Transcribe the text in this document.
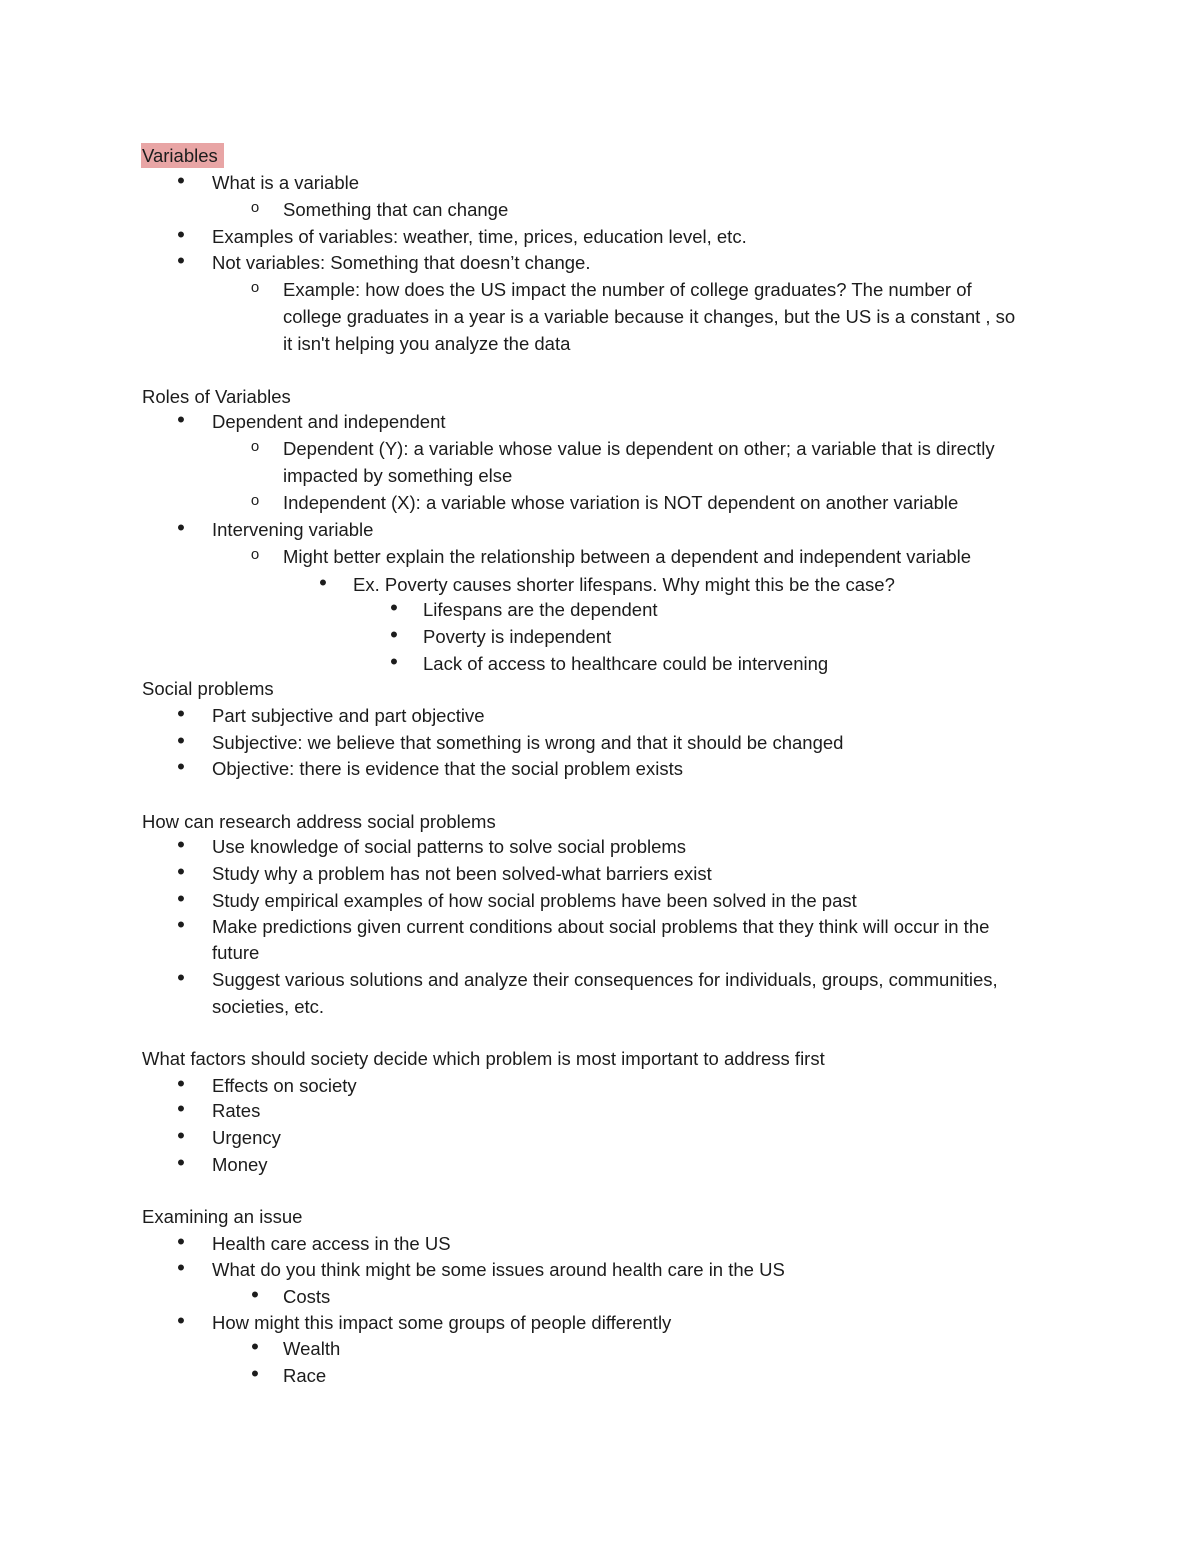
Variables
•
What is a variable
o
Something that can change
•
Examples of variables: weather, time, prices, education level, etc.
•
Not variables: Something that doesn’t change.
o
Example: how does the US impact the number of college graduates? The number of
college graduates in a year is a variable because it changes, but the US is a constant , so
it isn't helping you analyze the data
Roles of Variables
•
Dependent and independent
o
Dependent (Y): a variable whose value is dependent on other; a variable that is directly
impacted by something else
o
Independent (X): a variable whose variation is NOT dependent on another variable
•
Intervening variable
o
Might better explain the relationship between a dependent and independent variable
•
Ex. Poverty causes shorter lifespans. Why might this be the case?
•
Lifespans are the dependent
•
Poverty is independent
•
Lack of access to healthcare could be intervening
Social problems
•
Part subjective and part objective
•
Subjective: we believe that something is wrong and that it should be changed
•
Objective: there is evidence that the social problem exists
How can research address social problems
•
Use knowledge of social patterns to solve social problems
•
Study why a problem has not been solved-what barriers exist
•
Study empirical examples of how social problems have been solved in the past
•
Make predictions given current conditions about social problems that they think will occur in the
future
•
Suggest various solutions and analyze their consequences for individuals, groups, communities,
societies, etc.
What factors should society decide which problem is most important to address first
•
Effects on society
•
Rates
•
Urgency
•
Money
Examining an issue
•
Health care access in the US
•
What do you think might be some issues around health care in the US
•
Costs
•
How might this impact some groups of people differently
•
Wealth
•
Race
